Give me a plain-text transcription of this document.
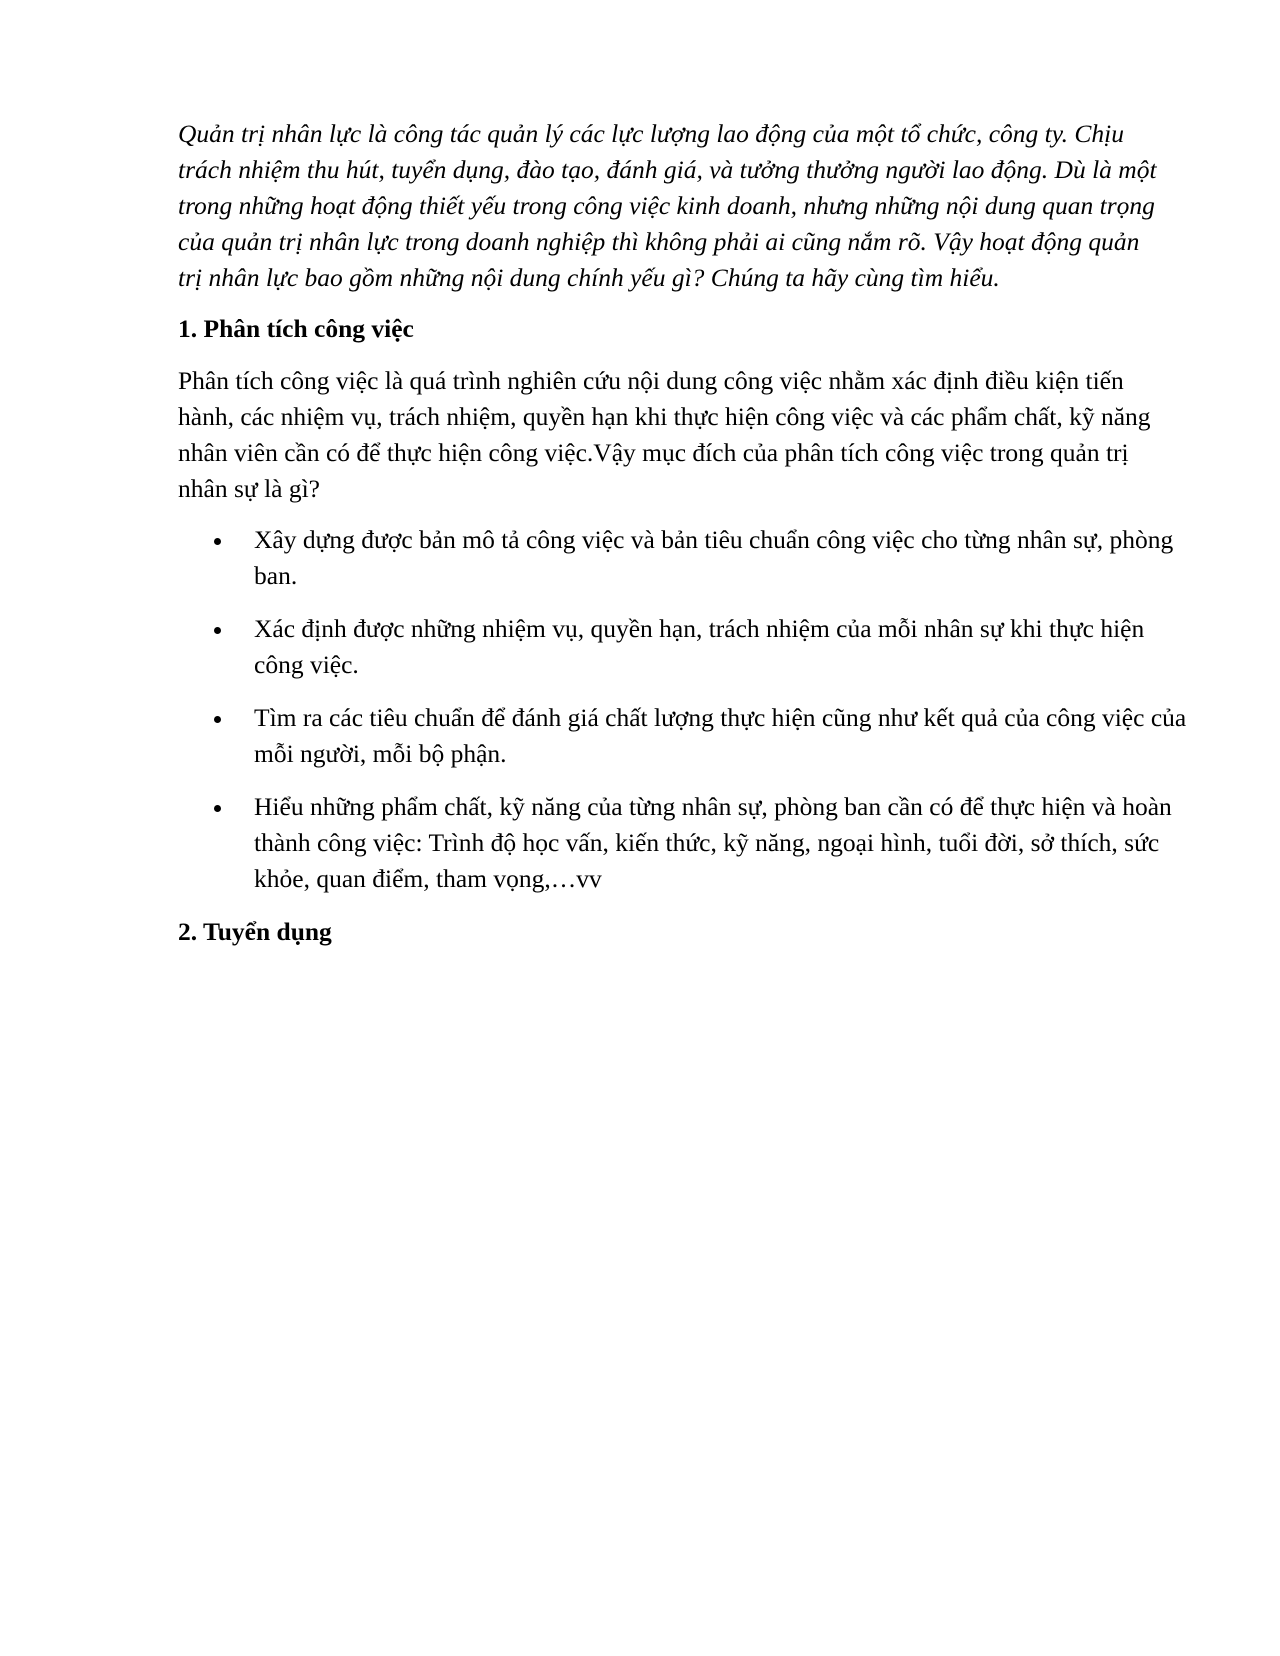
Quản trị nhân lực là công tác quản lý các lực lượng lao động của một tổ chức, công ty. Chịu trách nhiệm thu hút, tuyển dụng, đào tạo, đánh giá, và tưởng thưởng người lao động. Dù là một trong những hoạt động thiết yếu trong công việc kinh doanh, nhưng những nội dung quan trọng của quản trị nhân lực trong doanh nghiệp thì không phải ai cũng nắm rõ. Vậy hoạt động quản trị nhân lực bao gồm những nội dung chính yếu gì? Chúng ta hãy cùng tìm hiểu.

1. Phân tích công việc

Phân tích công việc là quá trình nghiên cứu nội dung công việc nhằm xác định điều kiện tiến hành, các nhiệm vụ, trách nhiệm, quyền hạn khi thực hiện công việc và các phẩm chất, kỹ năng nhân viên cần có để thực hiện công việc.Vậy mục đích của phân tích công việc trong quản trị nhân sự là gì?

Xây dựng được bản mô tả công việc và bản tiêu chuẩn công việc cho từng nhân sự, phòng ban.
Xác định được những nhiệm vụ, quyền hạn, trách nhiệm của mỗi nhân sự khi thực hiện công việc.
Tìm ra các tiêu chuẩn để đánh giá chất lượng thực hiện cũng như kết quả của công việc của mỗi người, mỗi bộ phận.
Hiểu những phẩm chất, kỹ năng của từng nhân sự, phòng ban cần có để thực hiện và hoàn thành công việc: Trình độ học vấn, kiến thức, kỹ năng, ngoại hình, tuổi đời, sở thích, sức khỏe, quan điểm, tham vọng,…vv
2. Tuyển dụng
